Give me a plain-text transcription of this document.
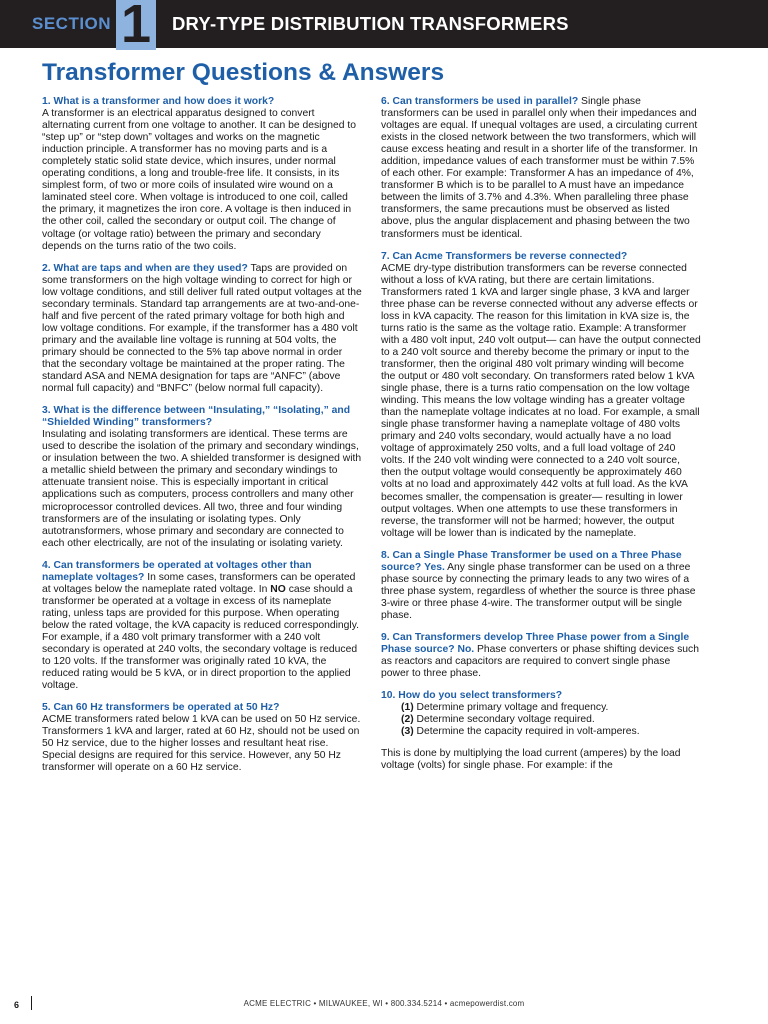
SECTION 1 DRY-TYPE DISTRIBUTION TRANSFORMERS
Transformer Questions & Answers

1. What is a transformer and how does it work?
A transformer is an electrical apparatus designed to convert alternating current from one voltage to another. It can be designed to “step up” or “step down” voltages and works on the magnetic induction principle. A transformer has no moving parts and is a completely static solid state device, which insures, under normal operating conditions, a long and trouble-free life. It consists, in its simplest form, of two or more coils of insulated wire wound on a laminated steel core. When voltage is introduced to one coil, called the primary, it magnetizes the iron core. A voltage is then induced in the other coil, called the secondary or output coil. The change of voltage (or voltage ratio) between the primary and secondary depends on the turns ratio of the two coils.

2. What are taps and when are they used? Taps are provided on some transformers on the high voltage winding to correct for high or low voltage conditions, and still deliver full rated output voltages at the secondary terminals. Standard tap arrangements are at two-and-one-half and five percent of the rated primary voltage for both high and low voltage conditions. For example, if the transformer has a 480 volt primary and the available line voltage is running at 504 volts, the primary should be connected to the 5% tap above normal in order that the secondary voltage be maintained at the proper rating. The standard ASA and NEMA designation for taps are “ANFC” (above normal full capacity) and “BNFC” (below normal full capacity).

3. What is the difference between “Insulating,” “Isolating,” and “Shielded Winding” transformers?
Insulating and isolating transformers are identical. These terms are used to describe the isolation of the primary and secondary windings, or insulation between the two. A shielded transformer is designed with a metallic shield between the primary and secondary windings to attenuate transient noise. This is especially important in critical applications such as computers, process controllers and many other microprocessor controlled devices. All two, three and four winding transformers are of the insulating or isolating types. Only autotransformers, whose primary and secondary are connected to each other electrically, are not of the insulating or isolating variety.

4. Can transformers be operated at voltages other than nameplate voltages? In some cases, transformers can be operated at voltages below the nameplate rated voltage. In NO case should a transformer be operated at a voltage in excess of its nameplate rating, unless taps are provided for this purpose. When operating below the rated voltage, the kVA capacity is reduced correspondingly. For example, if a 480 volt primary transformer with a 240 volt secondary is operated at 240 volts, the secondary voltage is reduced to 120 volts. If the transformer was originally rated 10 kVA, the reduced rating would be 5 kVA, or in direct proportion to the applied voltage.

5. Can 60 Hz transformers be operated at 50 Hz?
ACME transformers rated below 1 kVA can be used on 50 Hz service. Transformers 1 kVA and larger, rated at 60 Hz, should not be used on 50 Hz service, due to the higher losses and resultant heat rise. Special designs are required for this service. However, any 50 Hz transformer will operate on a 60 Hz service.

6. Can transformers be used in parallel? Single phase transformers can be used in parallel only when their impedances and voltages are equal. If unequal voltages are used, a circulating current exists in the closed network between the two transformers, which will cause excess heating and result in a shorter life of the transformer. In addition, impedance values of each transformer must be within 7.5% of each other. For example: Transformer A has an impedance of 4%, transformer B which is to be parallel to A must have an impedance between the limits of 3.7% and 4.3%. When paralleling three phase transformers, the same precautions must be observed as listed above, plus the angular displacement and phasing between the two transformers must be identical.

7. Can Acme Transformers be reverse connected?
ACME dry-type distribution transformers can be reverse connected without a loss of kVA rating, but there are certain limitations. Transformers rated 1 kVA and larger single phase, 3 kVA and larger three phase can be reverse connected without any adverse effects or loss in kVA capacity. The reason for this limitation in kVA size is, the turns ratio is the same as the voltage ratio. Example: A transformer with a 480 volt input, 240 volt output— can have the output connected to a 240 volt source and thereby become the primary or input to the transformer, then the original 480 volt primary winding will become the output or 480 volt secondary. On transformers rated below 1 kVA single phase, there is a turns ratio compensation on the low voltage winding. This means the low voltage winding has a greater voltage than the nameplate voltage indicates at no load. For example, a small single phase transformer having a nameplate voltage of 480 volts primary and 240 volts secondary, would actually have a no load voltage of approximately 250 volts, and a full load voltage of 240 volts. If the 240 volt winding were connected to a 240 volt source, then the output voltage would consequently be approximately 460 volts at no load and approximately 442 volts at full load. As the kVA becomes smaller, the compensation is greater— resulting in lower output voltages. When one attempts to use these transformers in reverse, the transformer will not be harmed; however, the output voltage will be lower than is indicated by the nameplate.

8. Can a Single Phase Transformer be used on a Three Phase source? Yes. Any single phase transformer can be used on a three phase source by connecting the primary leads to any two wires of a three phase system, regardless of whether the source is three phase 3-wire or three phase 4-wire. The transformer output will be single phase.

9. Can Transformers develop Three Phase power from a Single Phase source? No. Phase converters or phase shifting devices such as reactors and capacitors are required to convert single phase power to three phase.

10. How do you select transformers?
(1) Determine primary voltage and frequency.
(2) Determine secondary voltage required.
(3) Determine the capacity required in volt-amperes.

This is done by multiplying the load current (amperes) by the load voltage (volts) for single phase. For example: if the

6	ACME ELECTRIC • MILWAUKEE, WI • 800.334.5214 • acmepowerdist.com
